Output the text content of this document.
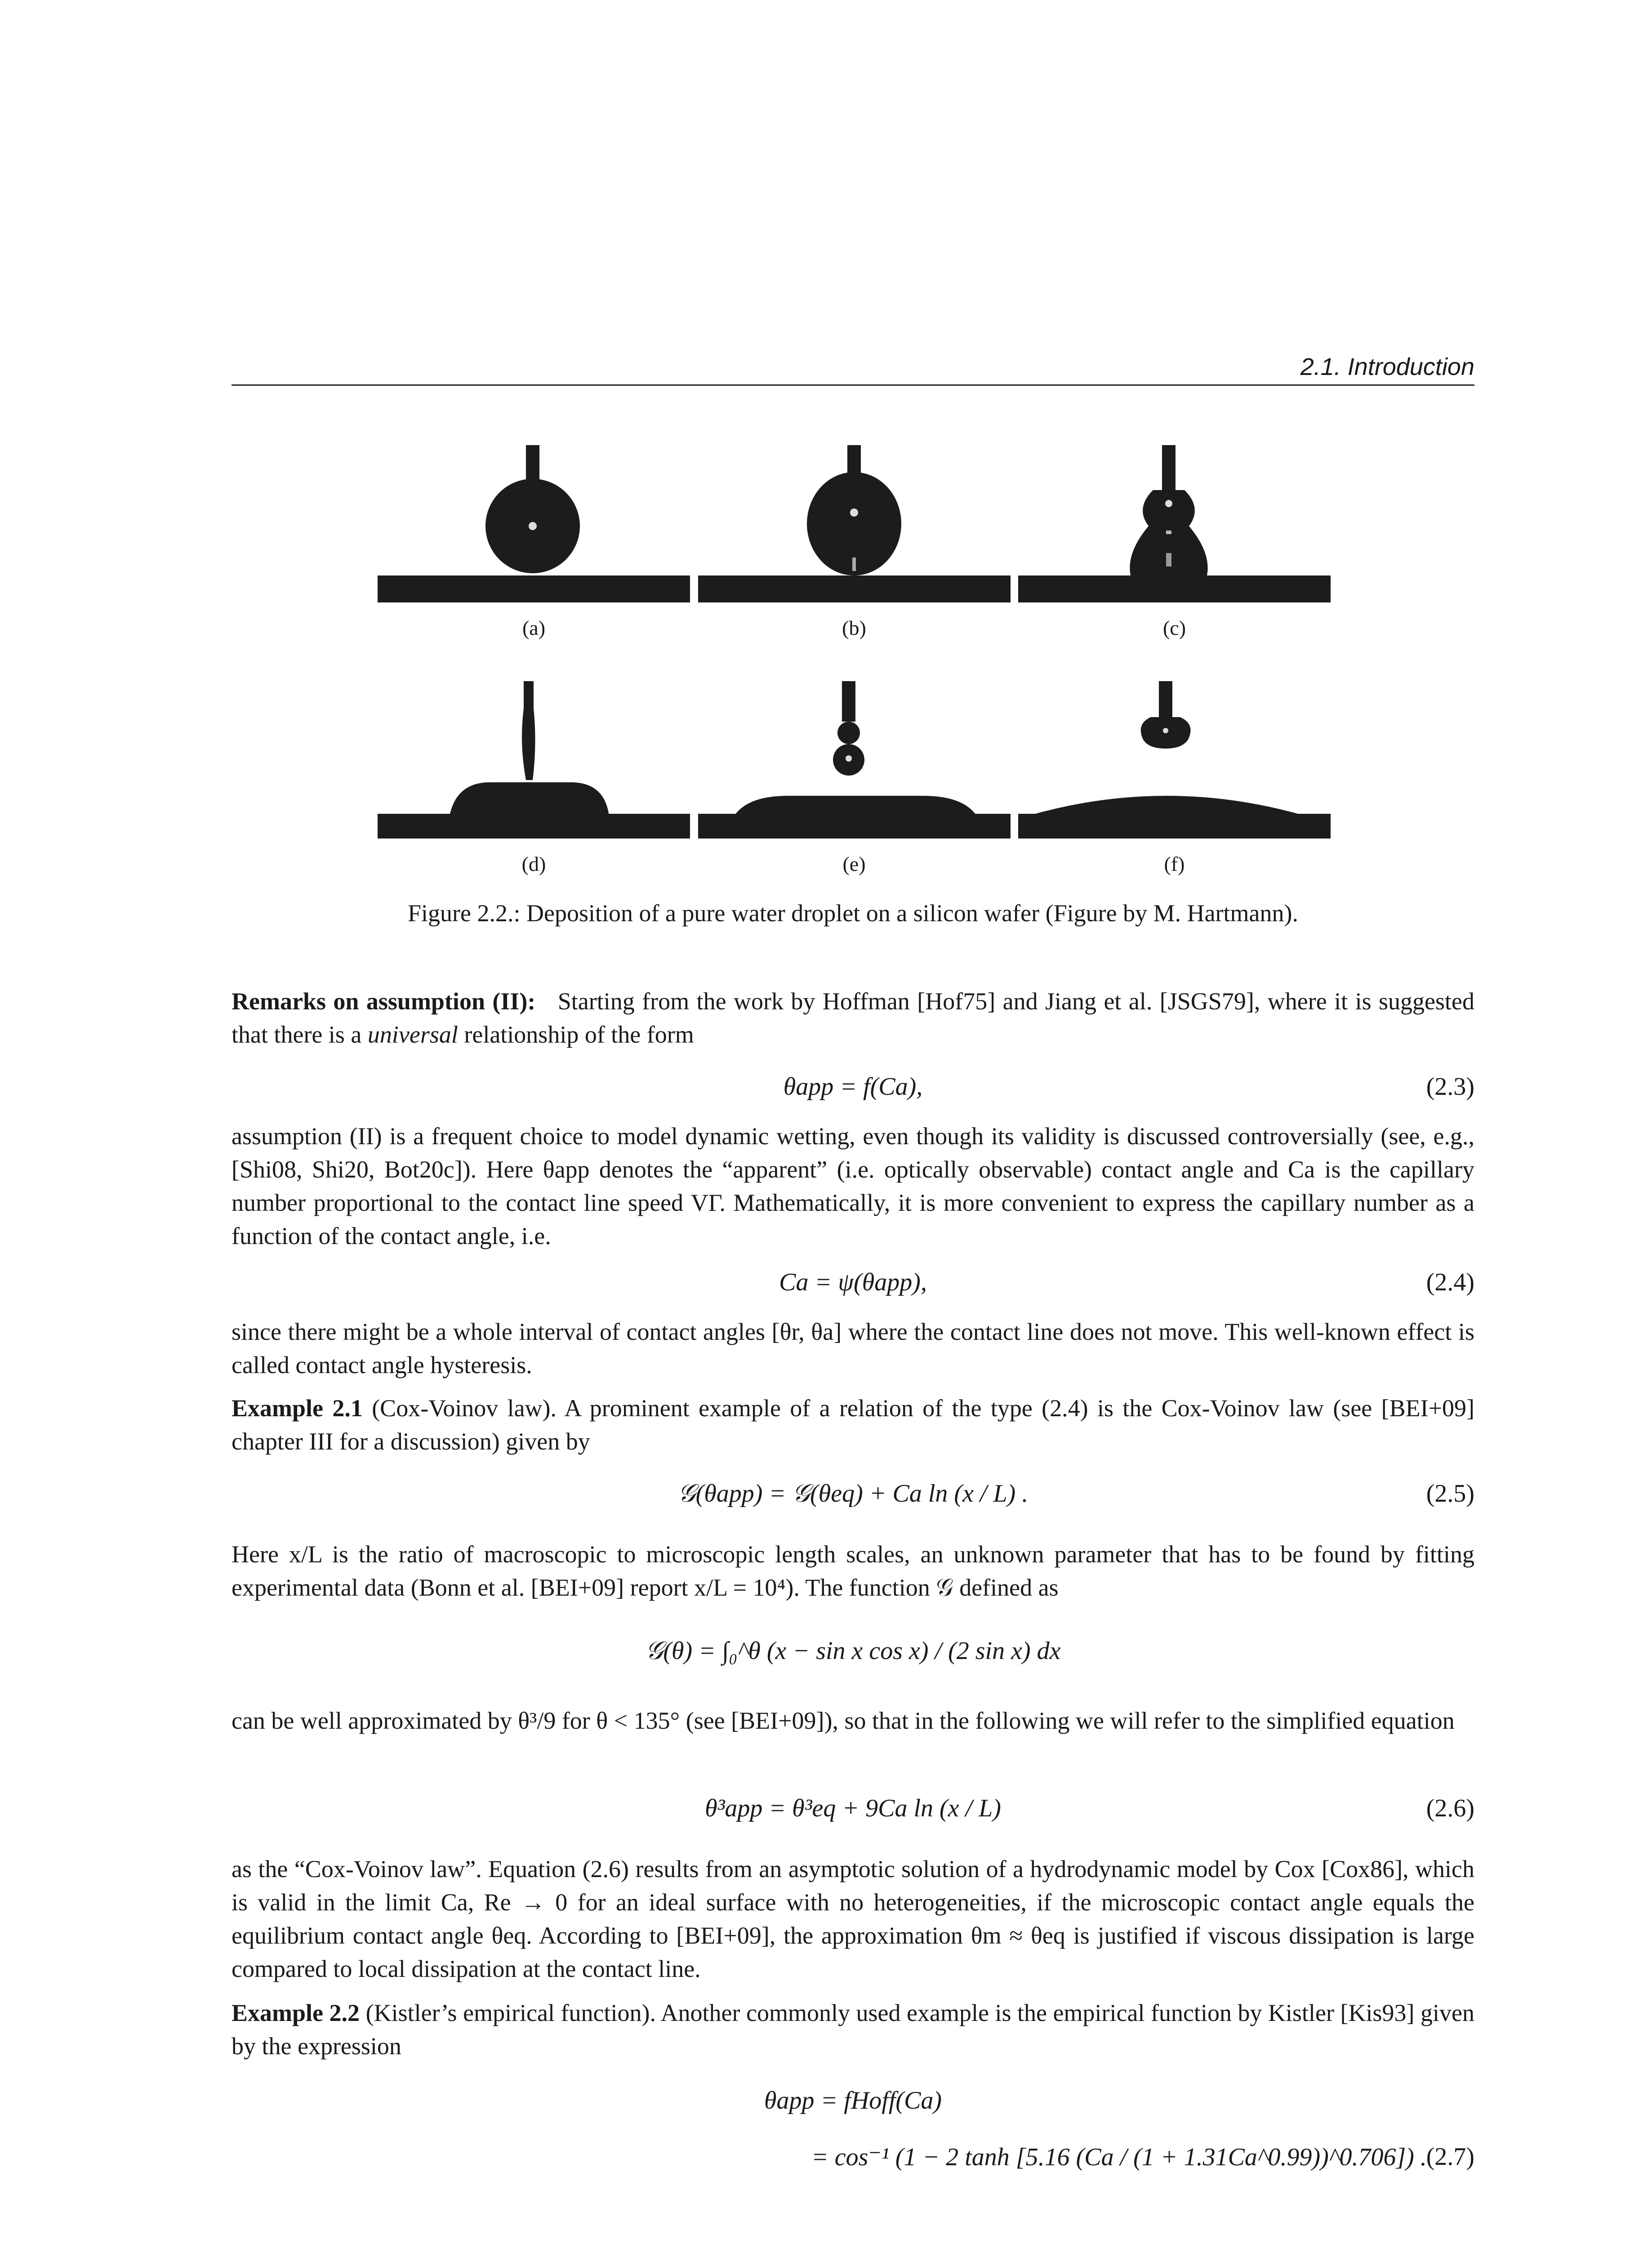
2.1. Introduction
(a)	(b)	(c)
(d)	(e)	(f)
Figure 2.2.: Deposition of a pure water droplet on a silicon wafer (Figure by M. Hartmann).
Remarks on assumption (II): Starting from the work by Hoffman [Hof75] and Jiang et al. [JSGS79], where it is suggested that there is a universal relationship of the form
θapp = f(Ca),	(2.3)
assumption (II) is a frequent choice to model dynamic wetting, even though its validity is discussed controversially (see, e.g., [Shi08, Shi20, Bot20c]). Here θapp denotes the “apparent” (i.e. optically observable) contact angle and Ca is the capillary number proportional to the contact line speed VΓ. Mathematically, it is more convenient to express the capillary number as a function of the contact angle, i.e.
Ca = ψ(θapp),	(2.4)
since there might be a whole interval of contact angles [θr, θa] where the contact line does not move. This well-known effect is called contact angle hysteresis.
Example 2.1 (Cox-Voinov law). A prominent example of a relation of the type (2.4) is the Cox-Voinov law (see [BEI+09] chapter III for a discussion) given by
𝒢(θapp) = 𝒢(θeq) + Ca ln (x / L) .	(2.5)
Here x/L is the ratio of macroscopic to microscopic length scales, an unknown parameter that has to be found by fitting experimental data (Bonn et al. [BEI+09] report x/L = 10⁴). The function 𝒢 defined as
𝒢(θ) = ∫₀^θ (x − sin x cos x) / (2 sin x) dx
can be well approximated by θ³/9 for θ < 135° (see [BEI+09]), so that in the following we will refer to the simplified equation
θ³app = θ³eq + 9Ca ln (x / L)	(2.6)
as the “Cox-Voinov law”. Equation (2.6) results from an asymptotic solution of a hydrodynamic model by Cox [Cox86], which is valid in the limit Ca, Re → 0 for an ideal surface with no heterogeneities, if the microscopic contact angle equals the equilibrium contact angle θeq. According to [BEI+09], the approximation θm ≈ θeq is justified if viscous dissipation is large compared to local dissipation at the contact line.
Example 2.2 (Kistler’s empirical function). Another commonly used example is the empirical function by Kistler [Kis93] given by the expression
θapp = fHoff(Ca)
= cos⁻¹ (1 − 2 tanh [5.16 (Ca / (1 + 1.31Ca^0.99))^0.706]) .
(2.7)
